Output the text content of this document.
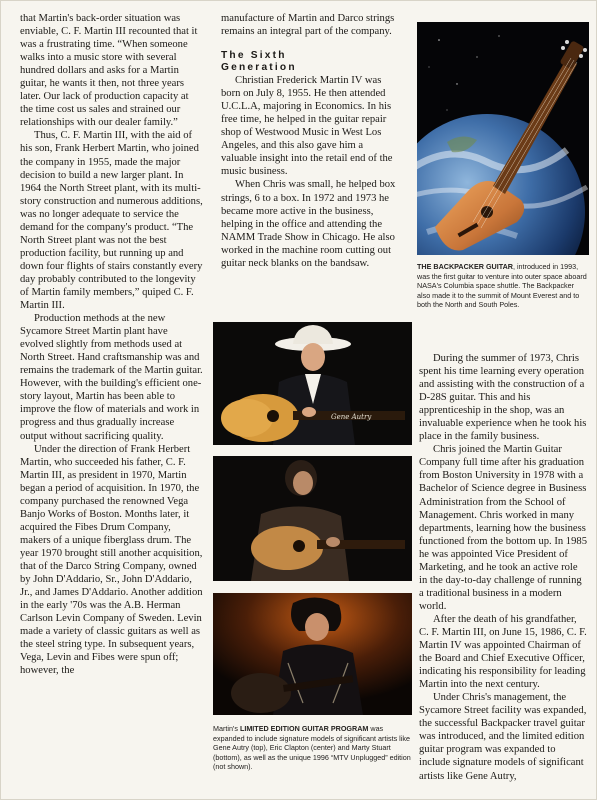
that Martin's back-order situation was enviable, C. F. Martin III recounted that it was a frustrating time. “When someone walks into a music store with several hundred dollars and asks for a Martin guitar, he wants it then, not three years later. Our lack of production capacity at the time cost us sales and strained our relationships with our dealer family.”

Thus, C. F. Martin III, with the aid of his son, Frank Herbert Martin, who joined the company in 1955, made the major decision to build a new larger plant. In 1964 the North Street plant, with its multi-story construction and numerous additions, was no longer adequate to service the demand for the company's product. “The North Street plant was not the best production facility, but running up and down four flights of stairs constantly every day probably contributed to the longevity of Martin family members,” quiped C. F. Martin III.

Production methods at the new Sycamore Street Martin plant have evolved slightly from methods used at North Street. Hand craftsmanship was and remains the trademark of the Martin guitar. However, with the building's efficient one-story layout, Martin has been able to improve the flow of materials and work in progress and thus gradually increase output without sacrificing quality.

Under the direction of Frank Herbert Martin, who succeeded his father, C. F. Martin III, as president in 1970, Martin began a period of acquisition. In 1970, the company purchased the renowned Vega Banjo Works of Boston. Months later, it acquired the Fibes Drum Company, makers of a unique fiberglass drum. The year 1970 brought still another acquisition, that of the Darco String Company, owned by John D'Addario, Sr., John D'Addario, Jr., and James D'Addario. Another addition in the early '70s was the A.B. Herman Carlson Levin Company of Sweden. Levin made a variety of classic guitars as well as the steel string type. In subsequent years, Vega, Levin and Fibes were spun off; however, the

manufacture of Martin and Darco strings remains an integral part of the company.

The Sixth
Generation

Christian Frederick Martin IV was born on July 8, 1955. He then attended U.C.L.A, majoring in Economics. In his free time, he helped in the guitar repair shop of Westwood Music in West Los Angeles, and this also gave him a valuable insight into the retail end of the music business.

When Chris was small, he helped box strings, 6 to a box. In 1972 and 1973 he became more active in the business, helping in the office and attending the NAMM Trade Show in Chicago. He also worked in the machine room cutting out guitar neck blanks on the bandsaw.	THE BACKPACKER GUITAR, introduced in 1993, was the first guitar to venture into outer space aboard NASA's Columbia space shuttle. The Backpacker also made it to the summit of Mount Everest and to both the North and South Poles.
Gene Autry
Martin's LIMITED EDITION GUITAR PROGRAM was expanded to include signature models of significant artists like Gene Autry (top), Eric Clapton (center) and Marty Stuart (bottom), as well as the unique 1996 “MTV Unplugged” edition (not shown).

During the summer of 1973, Chris spent his time learning every operation and assisting with the construction of a D-28S guitar. This and his apprenticeship in the shop, was an invaluable experience when he took his place in the family business.

Chris joined the Martin Guitar Company full time after his graduation from Boston University in 1978 with a Bachelor of Science degree in Business Administration from the School of Management. Chris worked in many departments, learning how the business functioned from the bottom up. In 1985 he was appointed Vice President of Marketing, and he took an active role in the day-to-day challenge of running a traditional business in a modern world.

After the death of his grandfather, C. F. Martin III, on June 15, 1986, C. F. Martin IV was appointed Chairman of the Board and Chief Executive Officer, indicating his responsibility for leading Martin into the next century.

Under Chris's management, the Sycamore Street facility was expanded, the successful Backpacker travel guitar was introduced, and the limited edition guitar program was expanded to include signature models of significant artists like Gene Autry,
